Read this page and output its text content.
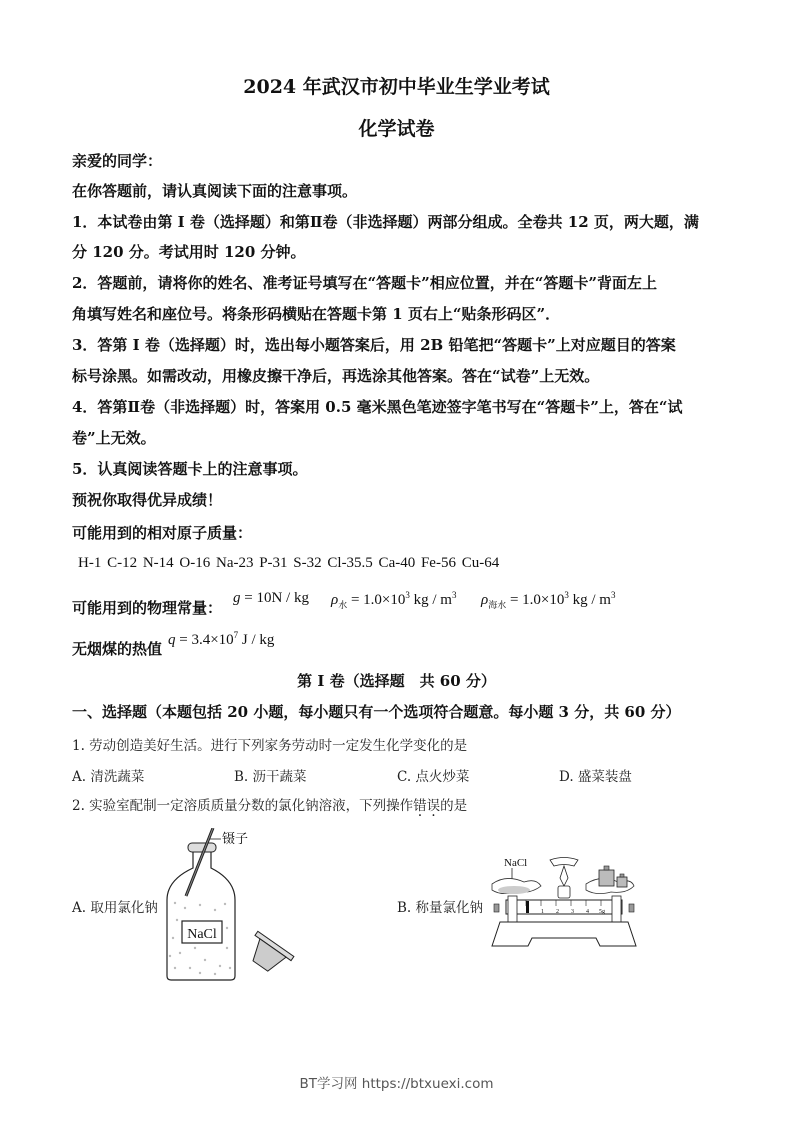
2024 年武汉市初中毕业生学业考试
化学试卷
亲爱的同学：
在你答题前，请认真阅读下面的注意事项。
1．本试卷由第 I 卷（选择题）和第Ⅱ卷（非选择题）两部分组成。全卷共 12 页，两大题，满
分 120 分。考试用时 120 分钟。
2．答题前，请将你的姓名、准考证号填写在“答题卡”相应位置，并在“答题卡”背面左上
角填写姓名和座位号。将条形码横贴在答题卡第 1 页右上“贴条形码区”．
3．答第 I 卷（选择题）时，选出每小题答案后，用 2B 铅笔把“答题卡”上对应题目的答案
标号涂黑。如需改动，用橡皮擦干净后，再选涂其他答案。答在“试卷”上无效。
4．答第Ⅱ卷（非选择题）时，答案用 0.5 毫米黑色笔迹签字笔书写在“答题卡”上，答在“试
卷”上无效。
5．认真阅读答题卡上的注意事项。
预祝你取得优异成绩！
可能用到的相对原子质量：
H-1 C-12 N-14 O-16 Na-23 P-31 S-32 Cl-35.5 Ca-40 Fe-56 Cu-64
可能用到的物理常量：
g = 10N / kg $\rho_水 = 1.0\times 10^3$ kg / $m^3$ $\rho_{海水} = 1.0\times 10^3$ kg / $m^3$
无烟煤的热值 $q = 3.4\times 10^7$ J / kg
第 I 卷（选择题　共 60 分）
一、选择题（本题包括 20 小题，每小题只有一个选项符合题意。每小题 3 分，共 60 分）
1. 劳动创造美好生活。进行下列家务劳动时一定发生化学变化的是
A. 清洗蔬菜	B. 沥干蔬菜	C. 点火炒菜	D. 盛菜装盘
2. 实验室配制一定溶质质量分数的氯化钠溶液，下列操作错误的是
A. 取用氯化钠	B. 称量氯化钠
NaCl
镊子
NaCl
0 1 2 3 4 5g
BT学习网 https://btxuexi.com
